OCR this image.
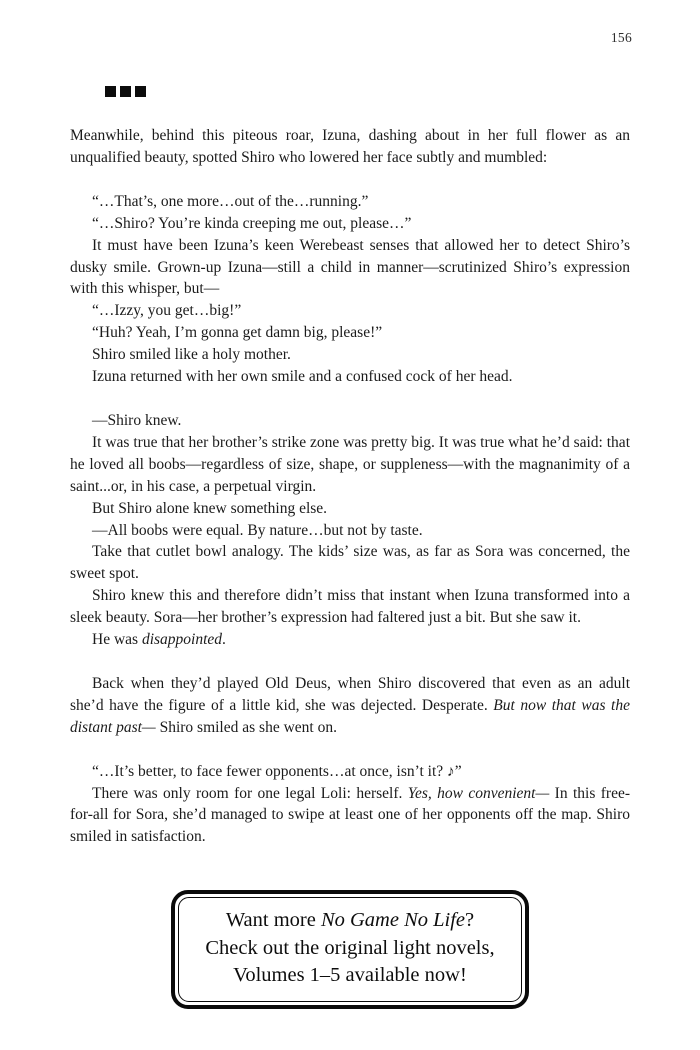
156

Meanwhile, behind this piteous roar, Izuna, dashing about in her full flower as an unqualified beauty, spotted Shiro who lowered her face subtly and mumbled:

“…That’s, one more…out of the…running.”

“…Shiro? You’re kinda creeping me out, please…”

It must have been Izuna’s keen Werebeast senses that allowed her to detect Shiro’s dusky smile. Grown-up Izuna—still a child in manner—scrutinized Shiro’s expression with this whisper, but—

“…Izzy, you get…big!”

“Huh? Yeah, I’m gonna get damn big, please!”

Shiro smiled like a holy mother.

Izuna returned with her own smile and a confused cock of her head.

—Shiro knew.

It was true that her brother’s strike zone was pretty big. It was true what he’d said: that he loved all boobs—regardless of size, shape, or suppleness—with the magnanimity of a saint...or, in his case, a perpetual virgin.

But Shiro alone knew something else.

—All boobs were equal. By nature…but not by taste.

Take that cutlet bowl analogy. The kids’ size was, as far as Sora was concerned, the sweet spot.

Shiro knew this and therefore didn’t miss that instant when Izuna transformed into a sleek beauty. Sora—her brother’s expression had faltered just a bit. But she saw it.

He was disappointed.

Back when they’d played Old Deus, when Shiro discovered that even as an adult she’d have the figure of a little kid, she was dejected. Desperate. But now that was the distant past— Shiro smiled as she went on.

“…It’s better, to face fewer opponents…at once, isn’t it? ♪”

There was only room for one legal Loli: herself. Yes, how convenient— In this free-for-all for Sora, she’d managed to swipe at least one of her opponents off the map. Shiro smiled in satisfaction.

Want more No Game No Life?
Check out the original light novels,
Volumes 1–5 available now!
